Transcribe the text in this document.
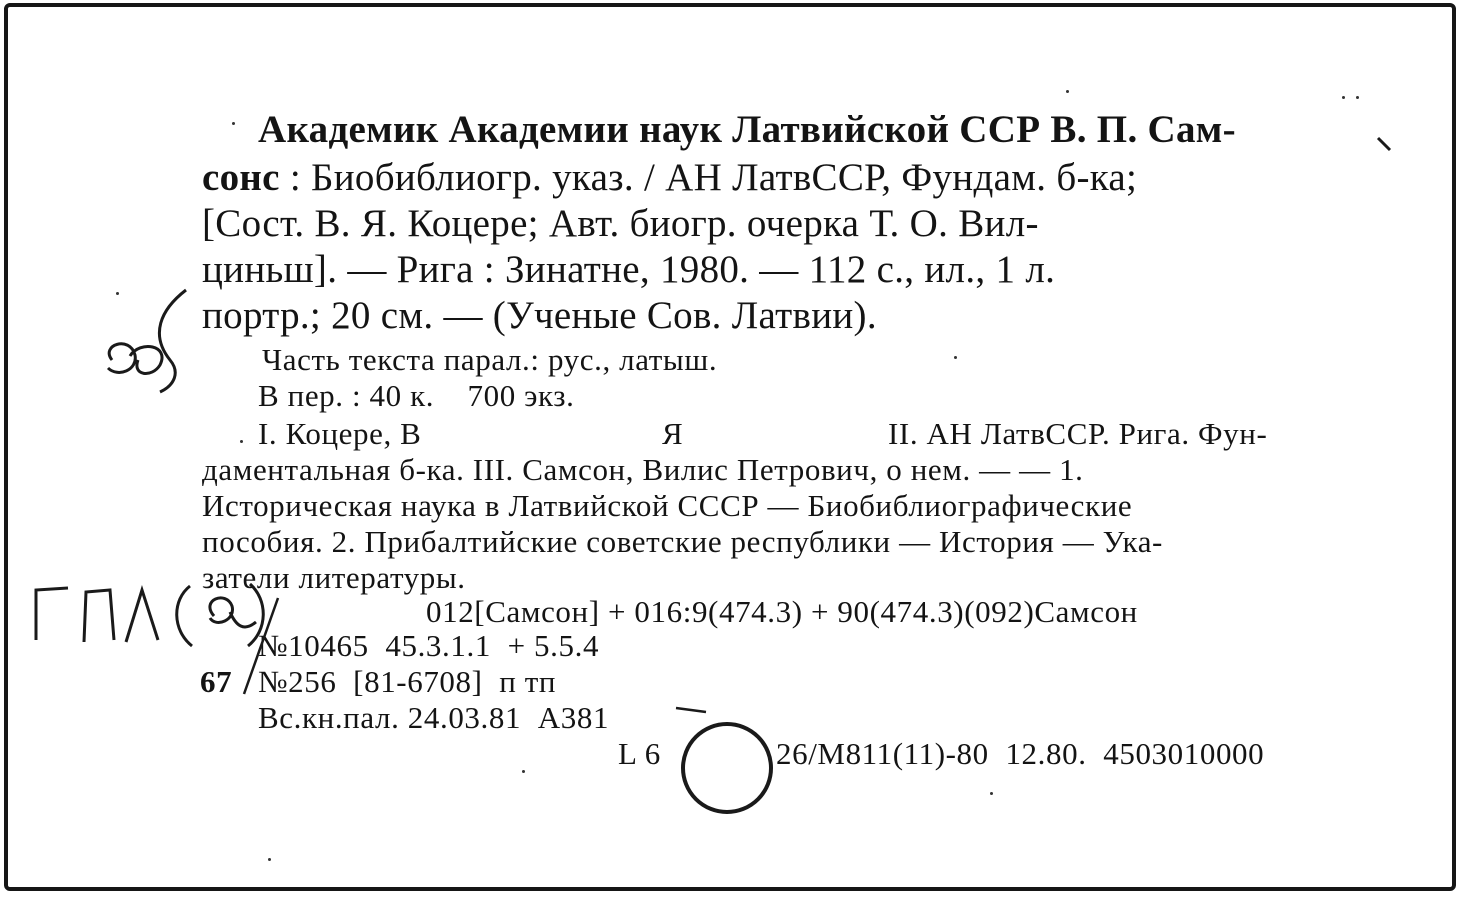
Академик Академии наук Латвийской ССР В. П. Сам-
сонс : Биобиблиогр. указ. / АН ЛатвССР, Фундам. б-ка;
[Сост. В. Я. Коцере; Авт. биогр. очерка Т. О. Вил-
циньш]. — Рига : Зинатне, 1980. — 112 с., ил., 1 л.
портр.; 20 см. — (Ученые Сов. Латвии).
Часть текста парал.: рус., латыш.
В пер. : 40 к.    700 экз.
I. Коцере, В	Я	II. АН ЛатвССР. Рига. Фун-
даментальная б-ка. III. Самсон, Вилис Петрович, о нем. — — 1.
Историческая наука в Латвийской СССР — Биобиблиографические
пособия. 2. Прибалтийские советские республики — История — Ука-
затели литературы.
012[Самсон] + 016:9(474.3) + 90(474.3)(092)Самсон
№10465  45.3.1.1  + 5.5.4
67 №256  [81-6708]  п тп
Вс.кн.пал. 24.03.81  А381
L 6	26/М811(11)-80  12.80.  4503010000
